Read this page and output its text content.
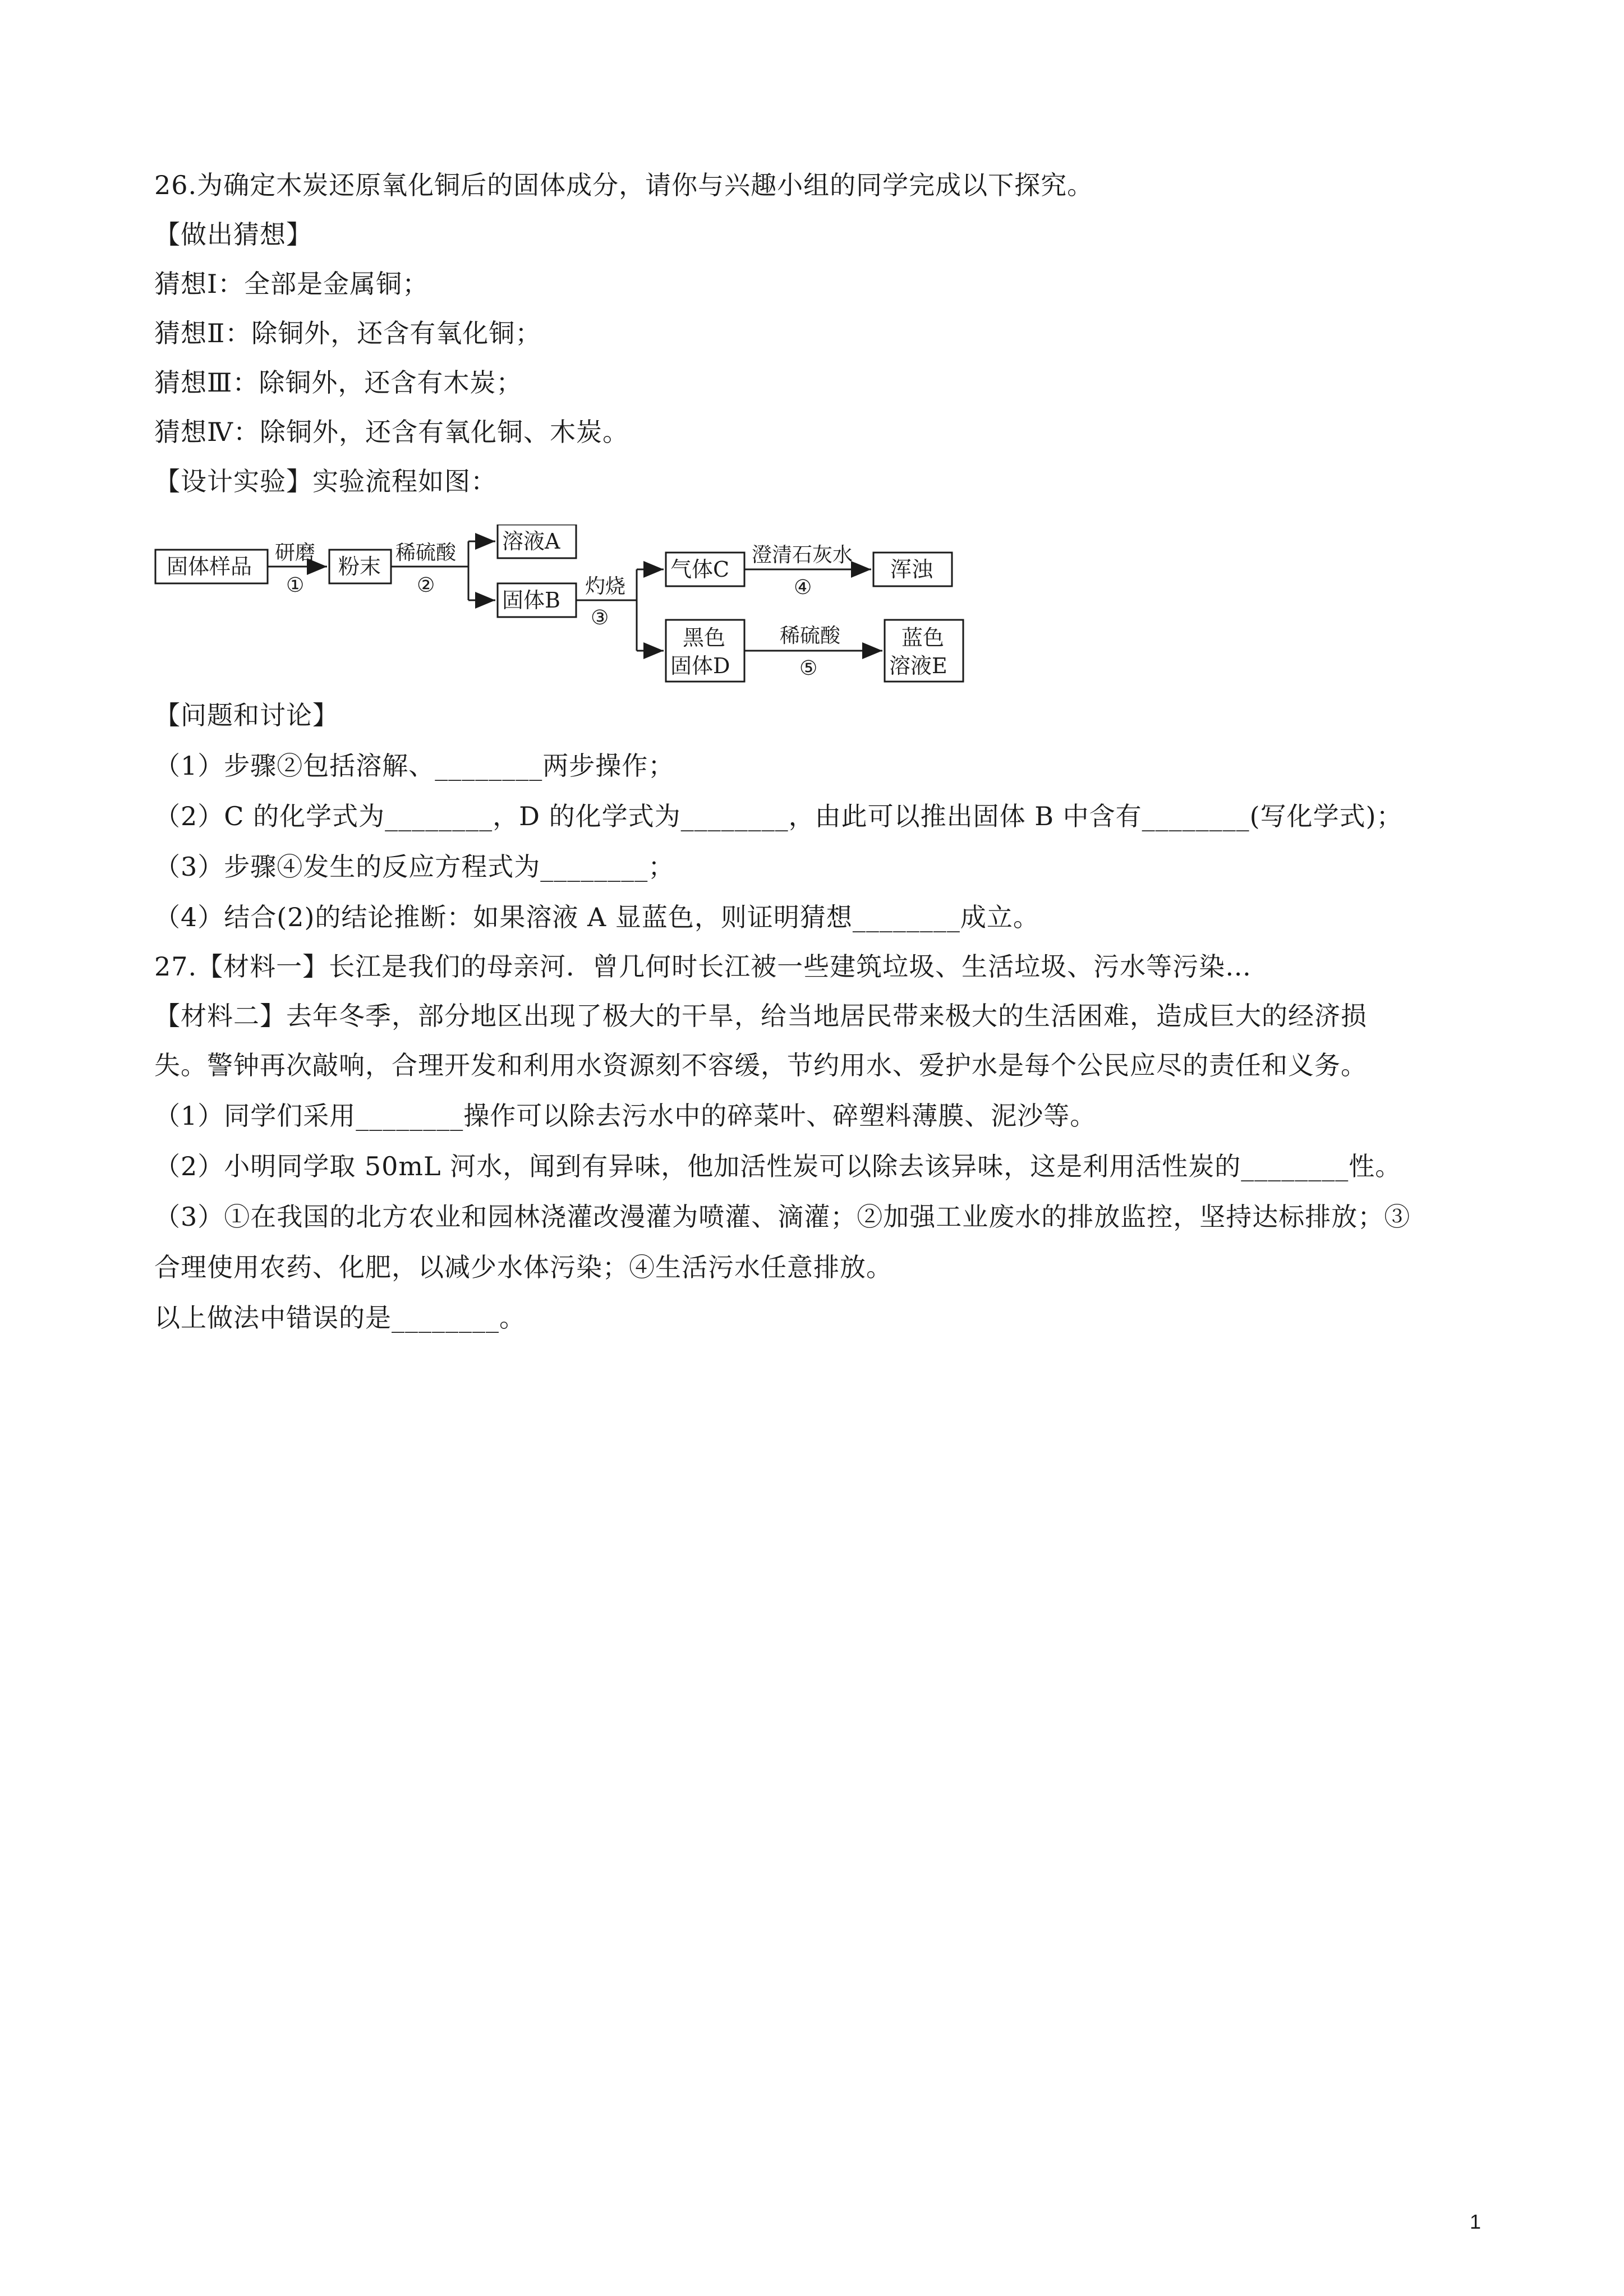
26.为确定木炭还原氧化铜后的固体成分，请你与兴趣小组的同学完成以下探究。
【做出猜想】
猜想Ⅰ：全部是金属铜；
猜想Ⅱ：除铜外，还含有氧化铜；
猜想Ⅲ：除铜外，还含有木炭；
猜想Ⅳ：除铜外，还含有氧化铜、木炭。
【设计实验】实验流程如图：
固体样品	粉末
溶液A
固体B
气体C	浑浊
黑色
固体D
蓝色
溶液E
研磨
①
稀硫酸
②	灼烧
③
澄清石灰水
④
稀硫酸
⑤
【问题和讨论】
（1）步骤②包括溶解、________两步操作；
（2）C 的化学式为________，D 的化学式为________，由此可以推出固体 B 中含有________(写化学式)；
（3）步骤④发生的反应方程式为________；
（4）结合(2)的结论推断：如果溶液 A 显蓝色，则证明猜想________成立。
27.【材料一】长江是我们的母亲河．曾几何时长江被一些建筑垃圾、生活垃圾、污水等污染…
【材料二】去年冬季，部分地区出现了极大的干旱，给当地居民带来极大的生活困难，造成巨大的经济损
失。警钟再次敲响，合理开发和利用水资源刻不容缓，节约用水、爱护水是每个公民应尽的责任和义务。
（1）同学们采用________操作可以除去污水中的碎菜叶、碎塑料薄膜、泥沙等。
（2）小明同学取 50mL 河水，闻到有异味，他加活性炭可以除去该异味，这是利用活性炭的________性。
（3）①在我国的北方农业和园林浇灌改漫灌为喷灌、滴灌；②加强工业废水的排放监控，坚持达标排放；③
合理使用农药、化肥，以减少水体污染；④生活污水任意排放。
以上做法中错误的是________。
1
